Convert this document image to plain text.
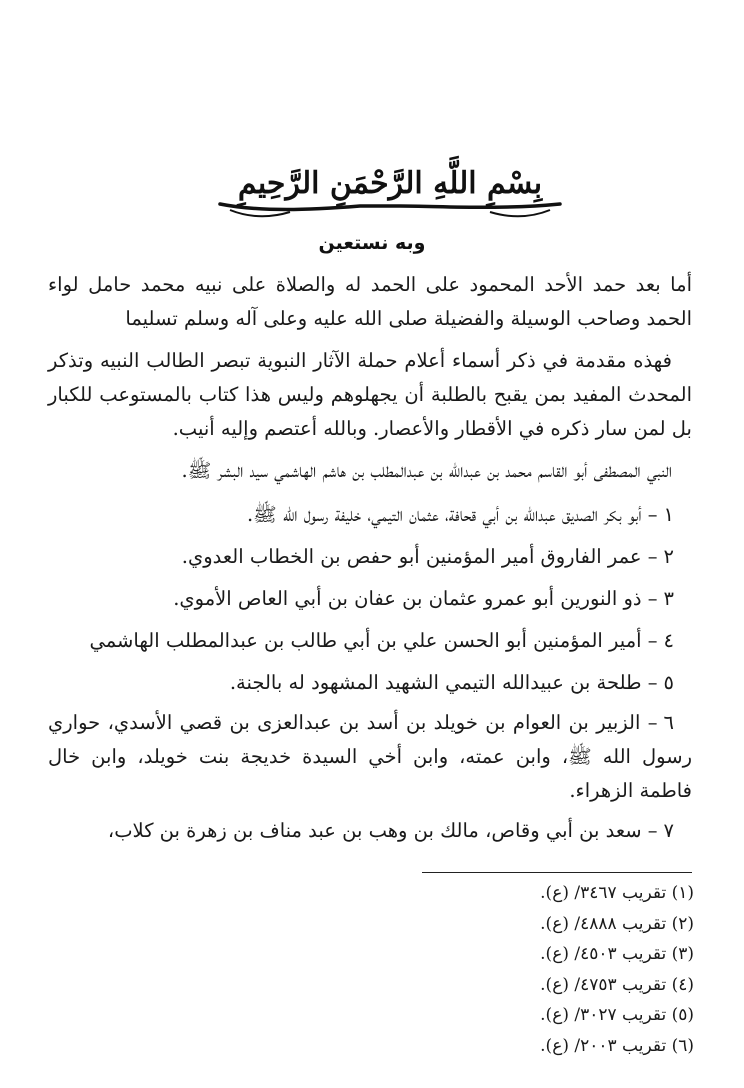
بِسْمِ اللَّهِ الرَّحْمَنِ الرَّحِيمِ
وبه نستعين

أما بعد حمد الأحد المحمود على الحمد له والصلاة على نبيه محمد حامل لواء الحمد وصاحب الوسيلة والفضيلة صلى الله عليه وعلى آله وسلم تسليما

فهذه مقدمة في ذكر أسماء أعلام حملة الآثار النبوية تبصر الطالب النبيه وتذكر المحدث المفيد بمن يقبح بالطلبة أن يجهلوهم وليس هذا كتاب بالمستوعب للكبار بل لمن سار ذكره في الأقطار والأعصار. وبالله أعتصم وإليه أنيب.

النبي المصطفى أبو القاسم محمد بن عبدالله بن عبدالمطلب بن هاشم الهاشمي سيد البشر ﷺ.

١– أبو بكر الصديق عبدالله بن أبي قحافة، عثمان التيمي، خليفة رسول الله ﷺ.

٢– عمر الفاروق أمير المؤمنين أبو حفص بن الخطاب العدوي.

٣– ذو النورين أبو عمرو عثمان بن عفان بن أبي العاص الأموي.

٤– أمير المؤمنين أبو الحسن علي بن أبي طالب بن عبدالمطلب الهاشمي

٥– طلحة بن عبيدالله التيمي الشهيد المشهود له بالجنة.

٦– الزبير بن العوام بن خويلد بن أسد بن عبدالعزى بن قصي الأسدي، حواري رسول الله ﷺ، وابن عمته، وابن أخي السيدة خديجة بنت خويلد، وابن خال فاطمة الزهراء.

٧– سعد بن أبي وقاص، مالك بن وهب بن عبد مناف بن زهرة بن كلاب،

(١) تقريب ٣٤٦٧/ (ع).
(٢) تقريب ٤٨٨٨/ (ع).
(٣) تقريب ٤٥٠٣/ (ع).
(٤) تقريب ٤٧٥٣/ (ع).
(٥) تقريب ٣٠٢٧/ (ع).
(٦) تقريب ٢٠٠٣/ (ع).
